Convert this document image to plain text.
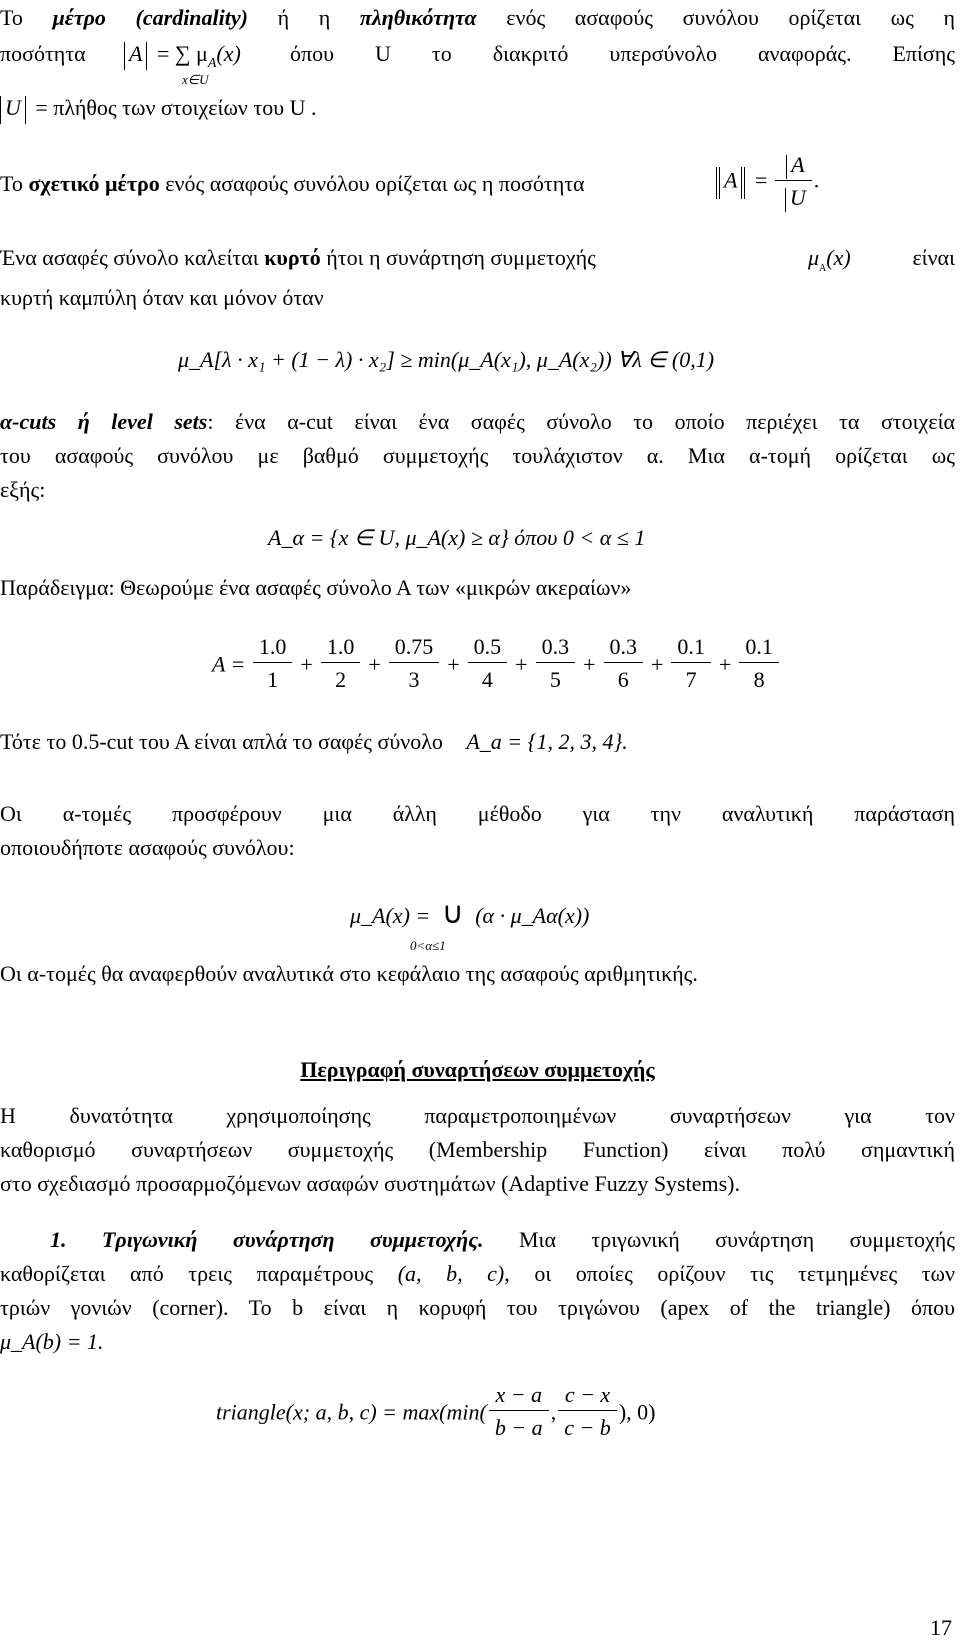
Το μέτρο (cardinality) ή η πληθικότητα ενός ασαφούς συνόλου ορίζεται ως η
ποσότητα	A = ∑ $\mu_A(x)$ όπου U το διακριτό υπερσύνολο αναφοράς. Επίσης
x∈U
U = πλήθος των στοιχείων του U .
Το σχετικό μέτρο ενός ασαφούς συνόλου ορίζεται ως η ποσότητα	$A = \frac{A}{U}$ .
Ένα ασαφές σύνολο καλείται κυρτό ήτοι η συνάρτηση συμμετοχής	$\mu_A(x)$	είναι
κυρτή καμπύλη όταν και μόνον όταν
μ_A[λ · x₁ + (1 − λ) · x₂] ≥ min(μ_A(x₁), μ_A(x₂)) ∀λ ∈ (0,1)
α-cuts ή level sets: ένα α-cut είναι ένα σαφές σύνολο το οποίο περιέχει τα στοιχεία
του ασαφούς συνόλου με βαθμό συμμετοχής τουλάχιστον α. Μια α-τομή ορίζεται ως
εξής:
A_α = {x ∈ U, μ_A(x) ≥ α} όπου 0 < α ≤ 1
Παράδειγμα: Θεωρούμε ένα ασαφές σύνολο Α των «μικρών ακεραίων»
$A = \frac{1.0}{1} + \frac{1.0}{2} + \frac{0.75}{3} + \frac{0.5}{4} + \frac{0.3}{5} + \frac{0.3}{6} + \frac{0.1}{7} + \frac{0.1}{8}$
Τότε το 0.5-cut του Α είναι απλά το σαφές σύνολο A_a = {1, 2, 3, 4}.
Οι α-τομές προσφέρουν μια άλλη μέθοδο για την αναλυτική παράσταση
οποιουδήποτε ασαφούς συνόλου:
μ_A(x) = ∪ (α · μ_Aα(x))
0<α≤1
Οι α-τομές θα αναφερθούν αναλυτικά στο κεφάλαιο της ασαφούς αριθμητικής.
Περιγραφή συναρτήσεων συμμετοχής
Η δυνατότητα χρησιμοποίησης παραμετροποιημένων συναρτήσεων για τον
καθορισμό συναρτήσεων συμμετοχής (Membership Function) είναι πολύ σημαντική
στο σχεδιασμό προσαρμοζόμενων ασαφών συστημάτων (Adaptive Fuzzy Systems).
1. Τριγωνική συνάρτηση συμμετοχής. Μια τριγωνική συνάρτηση συμμετοχής
καθορίζεται από τρεις παραμέτρους (a, b, c), οι οποίες ορίζουν τις τετμημένες των
τριών γονιών (corner). Το b είναι η κορυφή του τριγώνου (apex of the triangle) όπου
μ_A(b) = 1.
triangle(x; a, b, $c) = \max(\min( \frac{x - a}{b - a}$ , $\frac{c - x}{c - b}$ ), 0)
17
